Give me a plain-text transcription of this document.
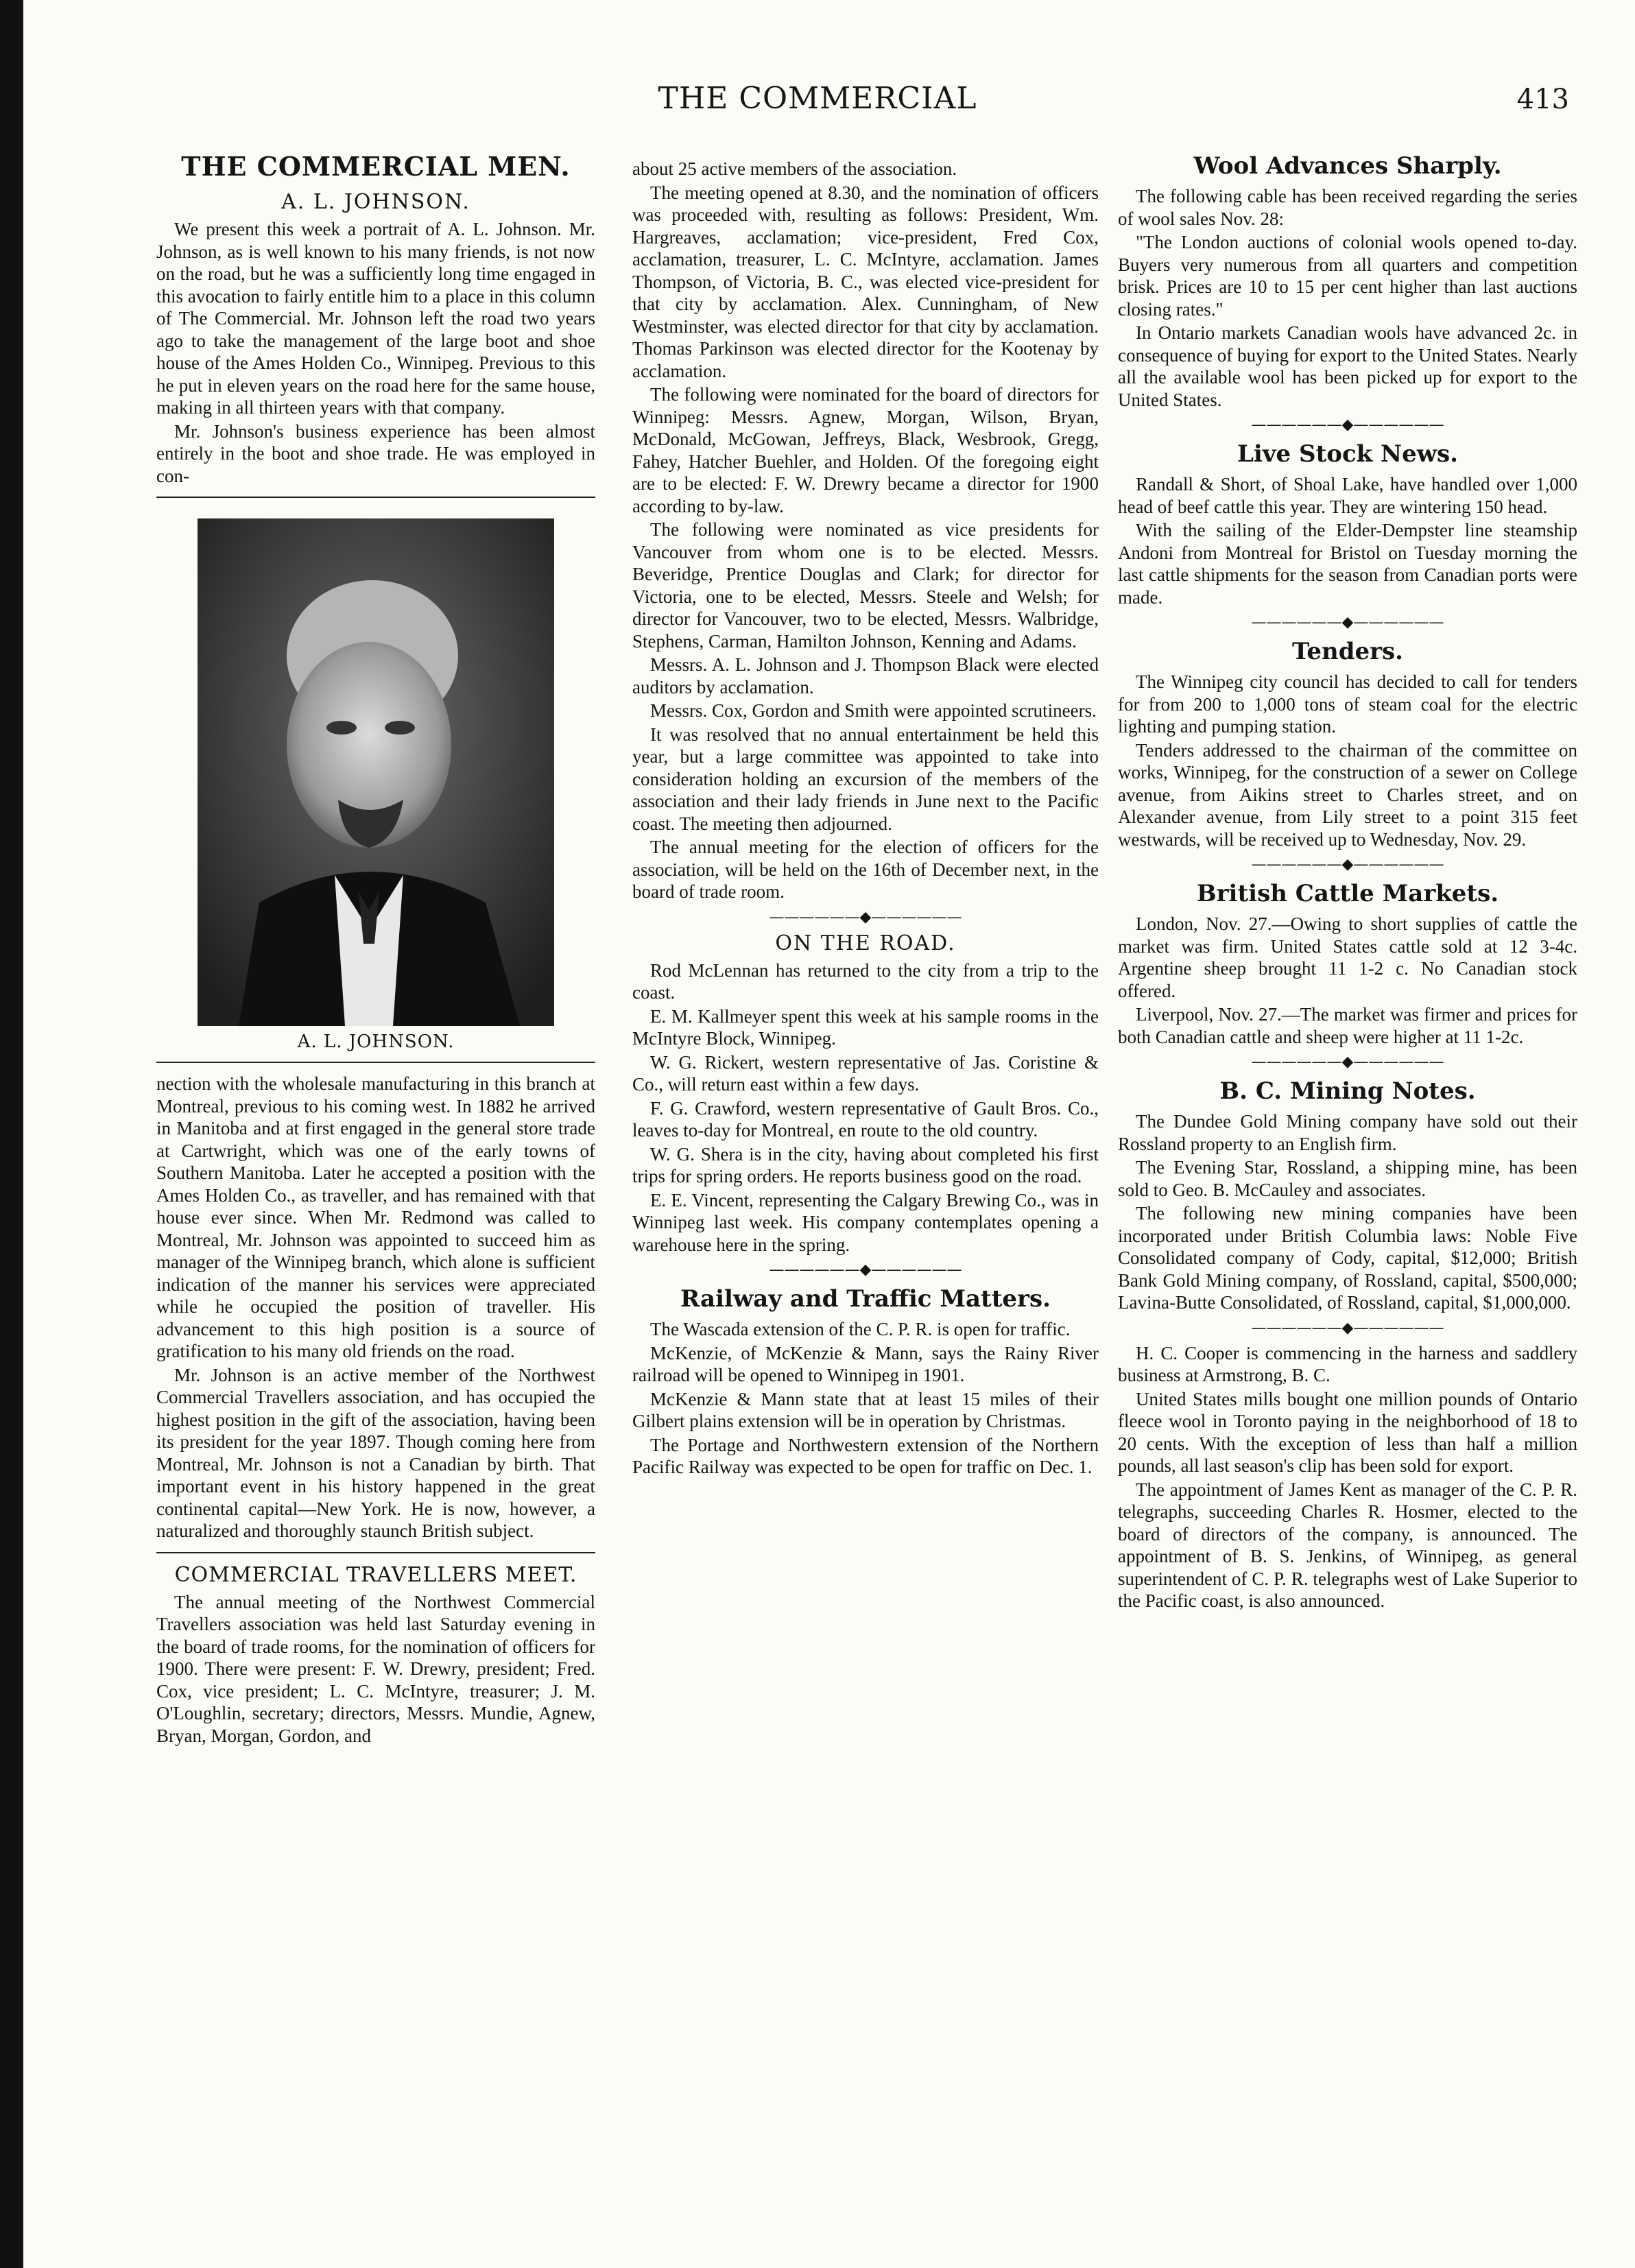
THE COMMERCIAL	413
THE COMMERCIAL MEN.
A. L. JOHNSON.
We present this week a portrait of A. L. Johnson. Mr. Johnson, as is well known to his many friends, is not now on the road, but he was a sufficiently long time engaged in this avocation to fairly entitle him to a place in this column of The Commercial. Mr. Johnson left the road two years ago to take the management of the large boot and shoe house of the Ames Holden Co., Winnipeg. Previous to this he put in eleven years on the road here for the same house, making in all thirteen years with that company.
Mr. Johnson's business experience has been almost entirely in the boot and shoe trade. He was employed in con-
A. L. JOHNSON.
nection with the wholesale manufacturing in this branch at Montreal, previous to his coming west. In 1882 he arrived in Manitoba and at first engaged in the general store trade at Cartwright, which was one of the early towns of Southern Manitoba. Later he accepted a position with the Ames Holden Co., as traveller, and has remained with that house ever since. When Mr. Redmond was called to Montreal, Mr. Johnson was appointed to succeed him as manager of the Winnipeg branch, which alone is sufficient indication of the manner his services were appreciated while he occupied the position of traveller. His advancement to this high position is a source of gratification to his many old friends on the road.
Mr. Johnson is an active member of the Northwest Commercial Travellers association, and has occupied the highest position in the gift of the association, having been its president for the year 1897. Though coming here from Montreal, Mr. Johnson is not a Canadian by birth. That important event in his history happened in the great continental capital—New York. He is now, however, a naturalized and thoroughly staunch British subject.
COMMERCIAL TRAVELLERS MEET.
The annual meeting of the Northwest Commercial Travellers association was held last Saturday evening in the board of trade rooms, for the nomination of officers for 1900. There were present: F. W. Drewry, president; Fred. Cox, vice president; L. C. McIntyre, treasurer; J. M. O'Loughlin, secretary; directors, Messrs. Mundie, Agnew, Bryan, Morgan, Gordon, and
about 25 active members of the association.
The meeting opened at 8.30, and the nomination of officers was proceeded with, resulting as follows: President, Wm. Hargreaves, acclamation; vice-president, Fred Cox, acclamation, treasurer, L. C. McIntyre, acclamation. James Thompson, of Victoria, B. C., was elected vice-president for that city by acclamation. Alex. Cunningham, of New Westminster, was elected director for that city by acclamation. Thomas Parkinson was elected director for the Kootenay by acclamation.
The following were nominated for the board of directors for Winnipeg: Messrs. Agnew, Morgan, Wilson, Bryan, McDonald, McGowan, Jeffreys, Black, Wesbrook, Gregg, Fahey, Hatcher Buehler, and Holden. Of the foregoing eight are to be elected: F. W. Drewry became a director for 1900 according to by-law.
The following were nominated as vice presidents for Vancouver from whom one is to be elected. Messrs. Beveridge, Prentice Douglas and Clark; for director for Victoria, one to be elected, Messrs. Steele and Welsh; for director for Vancouver, two to be elected, Messrs. Walbridge, Stephens, Carman, Hamilton Johnson, Kenning and Adams.
Messrs. A. L. Johnson and J. Thompson Black were elected auditors by acclamation.
Messrs. Cox, Gordon and Smith were appointed scrutineers.
It was resolved that no annual entertainment be held this year, but a large committee was appointed to take into consideration holding an excursion of the members of the association and their lady friends in June next to the Pacific coast. The meeting then adjourned.
The annual meeting for the election of officers for the association, will be held on the 16th of December next, in the board of trade room.
——————◆——————
ON THE ROAD.
Rod McLennan has returned to the city from a trip to the coast.
E. M. Kallmeyer spent this week at his sample rooms in the McIntyre Block, Winnipeg.
W. G. Rickert, western representative of Jas. Coristine & Co., will return east within a few days.
F. G. Crawford, western representative of Gault Bros. Co., leaves to-day for Montreal, en route to the old country.
W. G. Shera is in the city, having about completed his first trips for spring orders. He reports business good on the road.
E. E. Vincent, representing the Calgary Brewing Co., was in Winnipeg last week. His company contemplates opening a warehouse here in the spring.
——————◆——————
Railway and Traffic Matters.
The Wascada extension of the C. P. R. is open for traffic.
McKenzie, of McKenzie & Mann, says the Rainy River railroad will be opened to Winnipeg in 1901.
McKenzie & Mann state that at least 15 miles of their Gilbert plains extension will be in operation by Christmas.
The Portage and Northwestern extension of the Northern Pacific Railway was expected to be open for traffic on Dec. 1.
Wool Advances Sharply.
The following cable has been received regarding the series of wool sales Nov. 28:
"The London auctions of colonial wools opened to-day. Buyers very numerous from all quarters and competition brisk. Prices are 10 to 15 per cent higher than last auctions closing rates."
In Ontario markets Canadian wools have advanced 2c. in consequence of buying for export to the United States. Nearly all the available wool has been picked up for export to the United States.
——————◆——————
Live Stock News.
Randall & Short, of Shoal Lake, have handled over 1,000 head of beef cattle this year. They are wintering 150 head.
With the sailing of the Elder-Dempster line steamship Andoni from Montreal for Bristol on Tuesday morning the last cattle shipments for the season from Canadian ports were made.
——————◆——————
Tenders.
The Winnipeg city council has decided to call for tenders for from 200 to 1,000 tons of steam coal for the electric lighting and pumping station.
Tenders addressed to the chairman of the committee on works, Winnipeg, for the construction of a sewer on College avenue, from Aikins street to Charles street, and on Alexander avenue, from Lily street to a point 315 feet westwards, will be received up to Wednesday, Nov. 29.
——————◆——————
British Cattle Markets.
London, Nov. 27.—Owing to short supplies of cattle the market was firm. United States cattle sold at 12 3-4c. Argentine sheep brought 11 1-2 c. No Canadian stock offered.
Liverpool, Nov. 27.—The market was firmer and prices for both Canadian cattle and sheep were higher at 11 1-2c.
——————◆——————
B. C. Mining Notes.
The Dundee Gold Mining company have sold out their Rossland property to an English firm.
The Evening Star, Rossland, a shipping mine, has been sold to Geo. B. McCauley and associates.
The following new mining companies have been incorporated under British Columbia laws: Noble Five Consolidated company of Cody, capital, $12,000; British Bank Gold Mining company, of Rossland, capital, $500,000; Lavina-Butte Consolidated, of Rossland, capital, $1,000,000.
——————◆——————
H. C. Cooper is commencing in the harness and saddlery business at Armstrong, B. C.
United States mills bought one million pounds of Ontario fleece wool in Toronto paying in the neighborhood of 18 to 20 cents. With the exception of less than half a million pounds, all last season's clip has been sold for export.
The appointment of James Kent as manager of the C. P. R. telegraphs, succeeding Charles R. Hosmer, elected to the board of directors of the company, is announced. The appointment of B. S. Jenkins, of Winnipeg, as general superintendent of C. P. R. telegraphs west of Lake Superior to the Pacific coast, is also announced.
